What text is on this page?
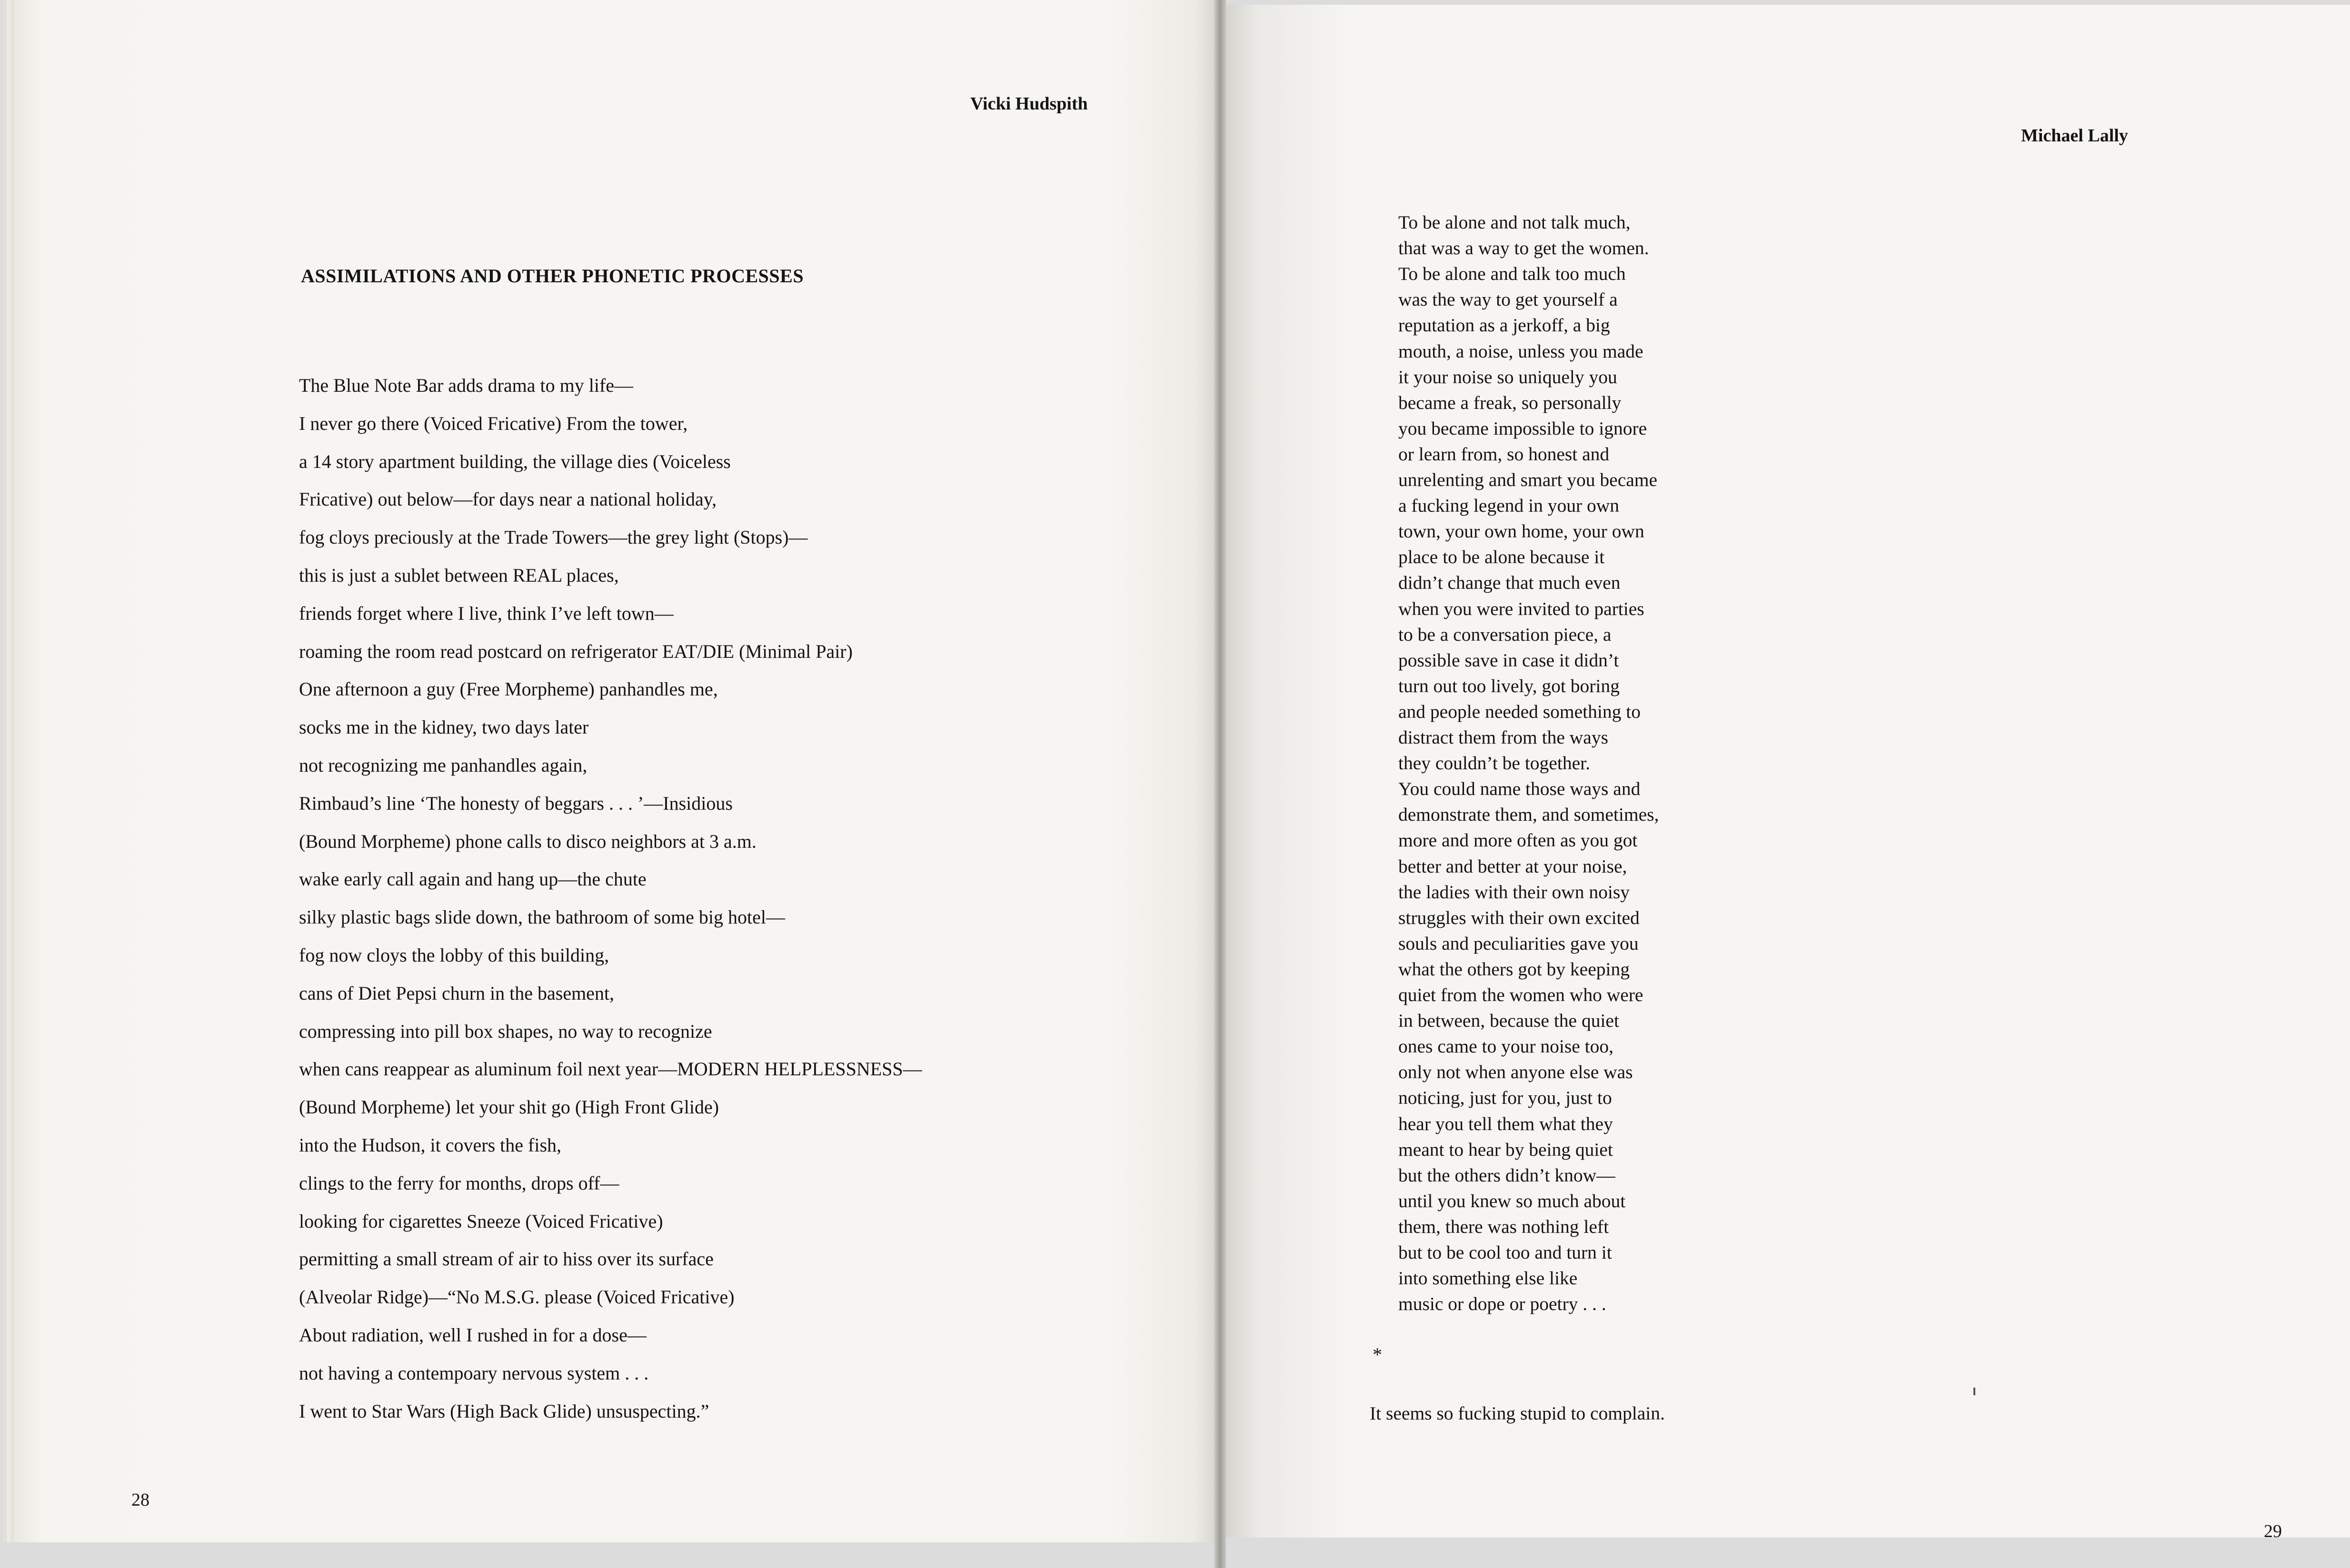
Vicki Hudspith
ASSIMILATIONS AND OTHER PHONETIC PROCESSES
The Blue Note Bar adds drama to my life—
I never go there (Voiced Fricative) From the tower,
a 14 story apartment building, the village dies (Voiceless
Fricative) out below—for days near a national holiday,
fog cloys preciously at the Trade Towers—the grey light (Stops)—
this is just a sublet between REAL places,
friends forget where I live, think I’ve left town—
roaming the room read postcard on refrigerator EAT/DIE (Minimal Pair)
One afternoon a guy (Free Morpheme) panhandles me,
socks me in the kidney, two days later
not recognizing me panhandles again,
Rimbaud’s line ‘The honesty of beggars . . . ’—Insidious
(Bound Morpheme) phone calls to disco neighbors at 3 a.m.
wake early call again and hang up—the chute
silky plastic bags slide down, the bathroom of some big hotel—
fog now cloys the lobby of this building,
cans of Diet Pepsi churn in the basement,
compressing into pill box shapes, no way to recognize
when cans reappear as aluminum foil next year—MODERN HELPLESSNESS—
(Bound Morpheme) let your shit go (High Front Glide)
into the Hudson, it covers the fish,
clings to the ferry for months, drops off—
looking for cigarettes Sneeze (Voiced Fricative)
permitting a small stream of air to hiss over its surface
(Alveolar Ridge)—“No M.S.G. please (Voiced Fricative)
About radiation, well I rushed in for a dose—
not having a contempoary nervous system . . .
I went to Star Wars (High Back Glide) unsuspecting.”
28
Michael Lally
To be alone and not talk much,
that was a way to get the women.
To be alone and talk too much
was the way to get yourself a
reputation as a jerkoff, a big
mouth, a noise, unless you made
it your noise so uniquely you
became a freak, so personally
you became impossible to ignore
or learn from, so honest and
unrelenting and smart you became
a fucking legend in your own
town, your own home, your own
place to be alone because it
didn’t change that much even
when you were invited to parties
to be a conversation piece, a
possible save in case it didn’t
turn out too lively, got boring
and people needed something to
distract them from the ways
they couldn’t be together.
You could name those ways and
demonstrate them, and sometimes,
more and more often as you got
better and better at your noise,
the ladies with their own noisy
struggles with their own excited
souls and peculiarities gave you
what the others got by keeping
quiet from the women who were
in between, because the quiet
ones came to your noise too,
only not when anyone else was
noticing, just for you, just to
hear you tell them what they
meant to hear by being quiet
but the others didn’t know—
until you knew so much about
them, there was nothing left
but to be cool too and turn it
into something else like
music or dope or poetry . . .
*
It seems so fucking stupid to complain.
29
